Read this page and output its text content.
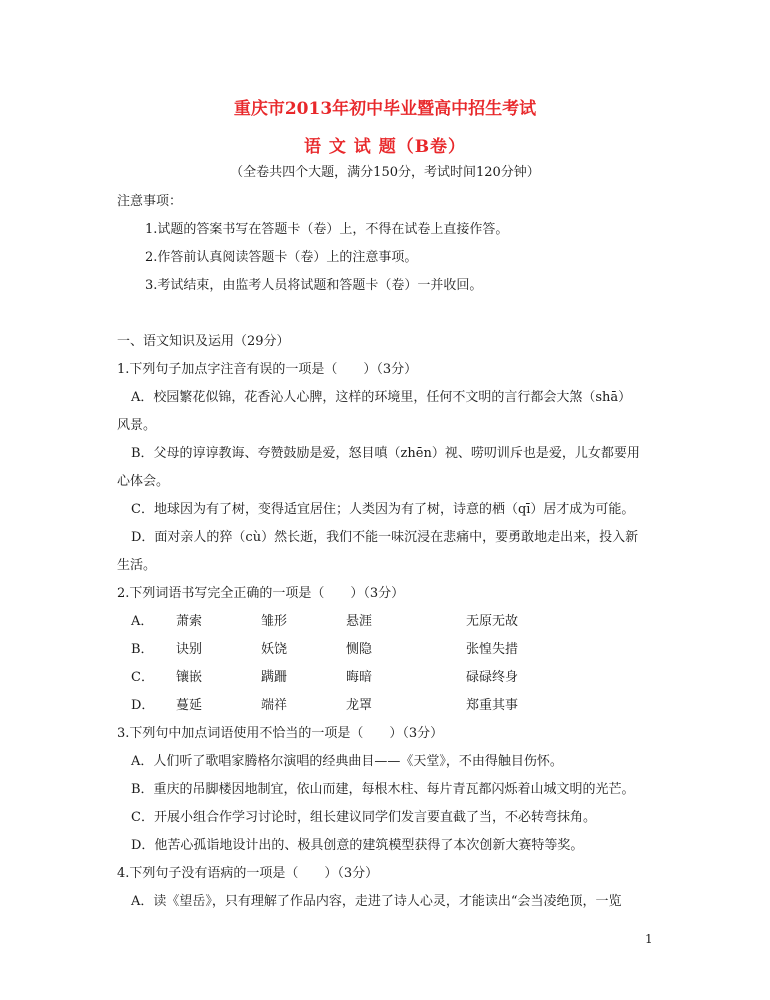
重庆市2013年初中毕业暨高中招生考试
语 文 试 题（B卷）
（全卷共四个大题，满分150分，考试时间120分钟）
注意事项：
1.试题的答案书写在答题卡（卷）上，不得在试卷上直接作答。
2.作答前认真阅读答题卡（卷）上的注意事项。
3.考试结束，由监考人员将试题和答题卡（卷）一并收回。
一、语文知识及运用（29分）
1.下列句子加点字注音有误的一项是（　　）（3分）
A．校园繁花似锦，花香沁人心脾，这样的环境里，任何不文明的言行都会大煞（shā）
风景。
B．父母的谆谆教诲、夸赞鼓励是爱，怒目嗔（zhēn）视、唠叨训斥也是爱，儿女都要用
心体会。
C．地球因为有了树，变得适宜居住；人类因为有了树，诗意的栖（qī）居才成为可能。
D．面对亲人的猝（cù）然长逝，我们不能一味沉浸在悲痛中，要勇敢地走出来，投入新
生活。
2.下列词语书写完全正确的一项是（　　）（3分）
A． 萧索	雏形	悬涯	无原无故
B． 诀别	妖饶	恻隐	张惶失措
C． 镶嵌	蹒跚	晦暗	碌碌终身
D． 蔓延	端祥	龙罩	郑重其事
3.下列句中加点词语使用不恰当的一项是（　　）（3分）
A．人们听了歌唱家腾格尔演唱的经典曲目——《天堂》，不由得触目伤怀。
B．重庆的吊脚楼因地制宜，依山而建，每根木柱、每片青瓦都闪烁着山城文明的光芒。
C．开展小组合作学习讨论时，组长建议同学们发言要直截了当，不必转弯抹角。
D．他苦心孤诣地设计出的、极具创意的建筑模型获得了本次创新大赛特等奖。
4.下列句子没有语病的一项是（　　）（3分）
A．读《望岳》，只有理解了作品内容，走进了诗人心灵，才能读出“会当凌绝顶，一览
1
